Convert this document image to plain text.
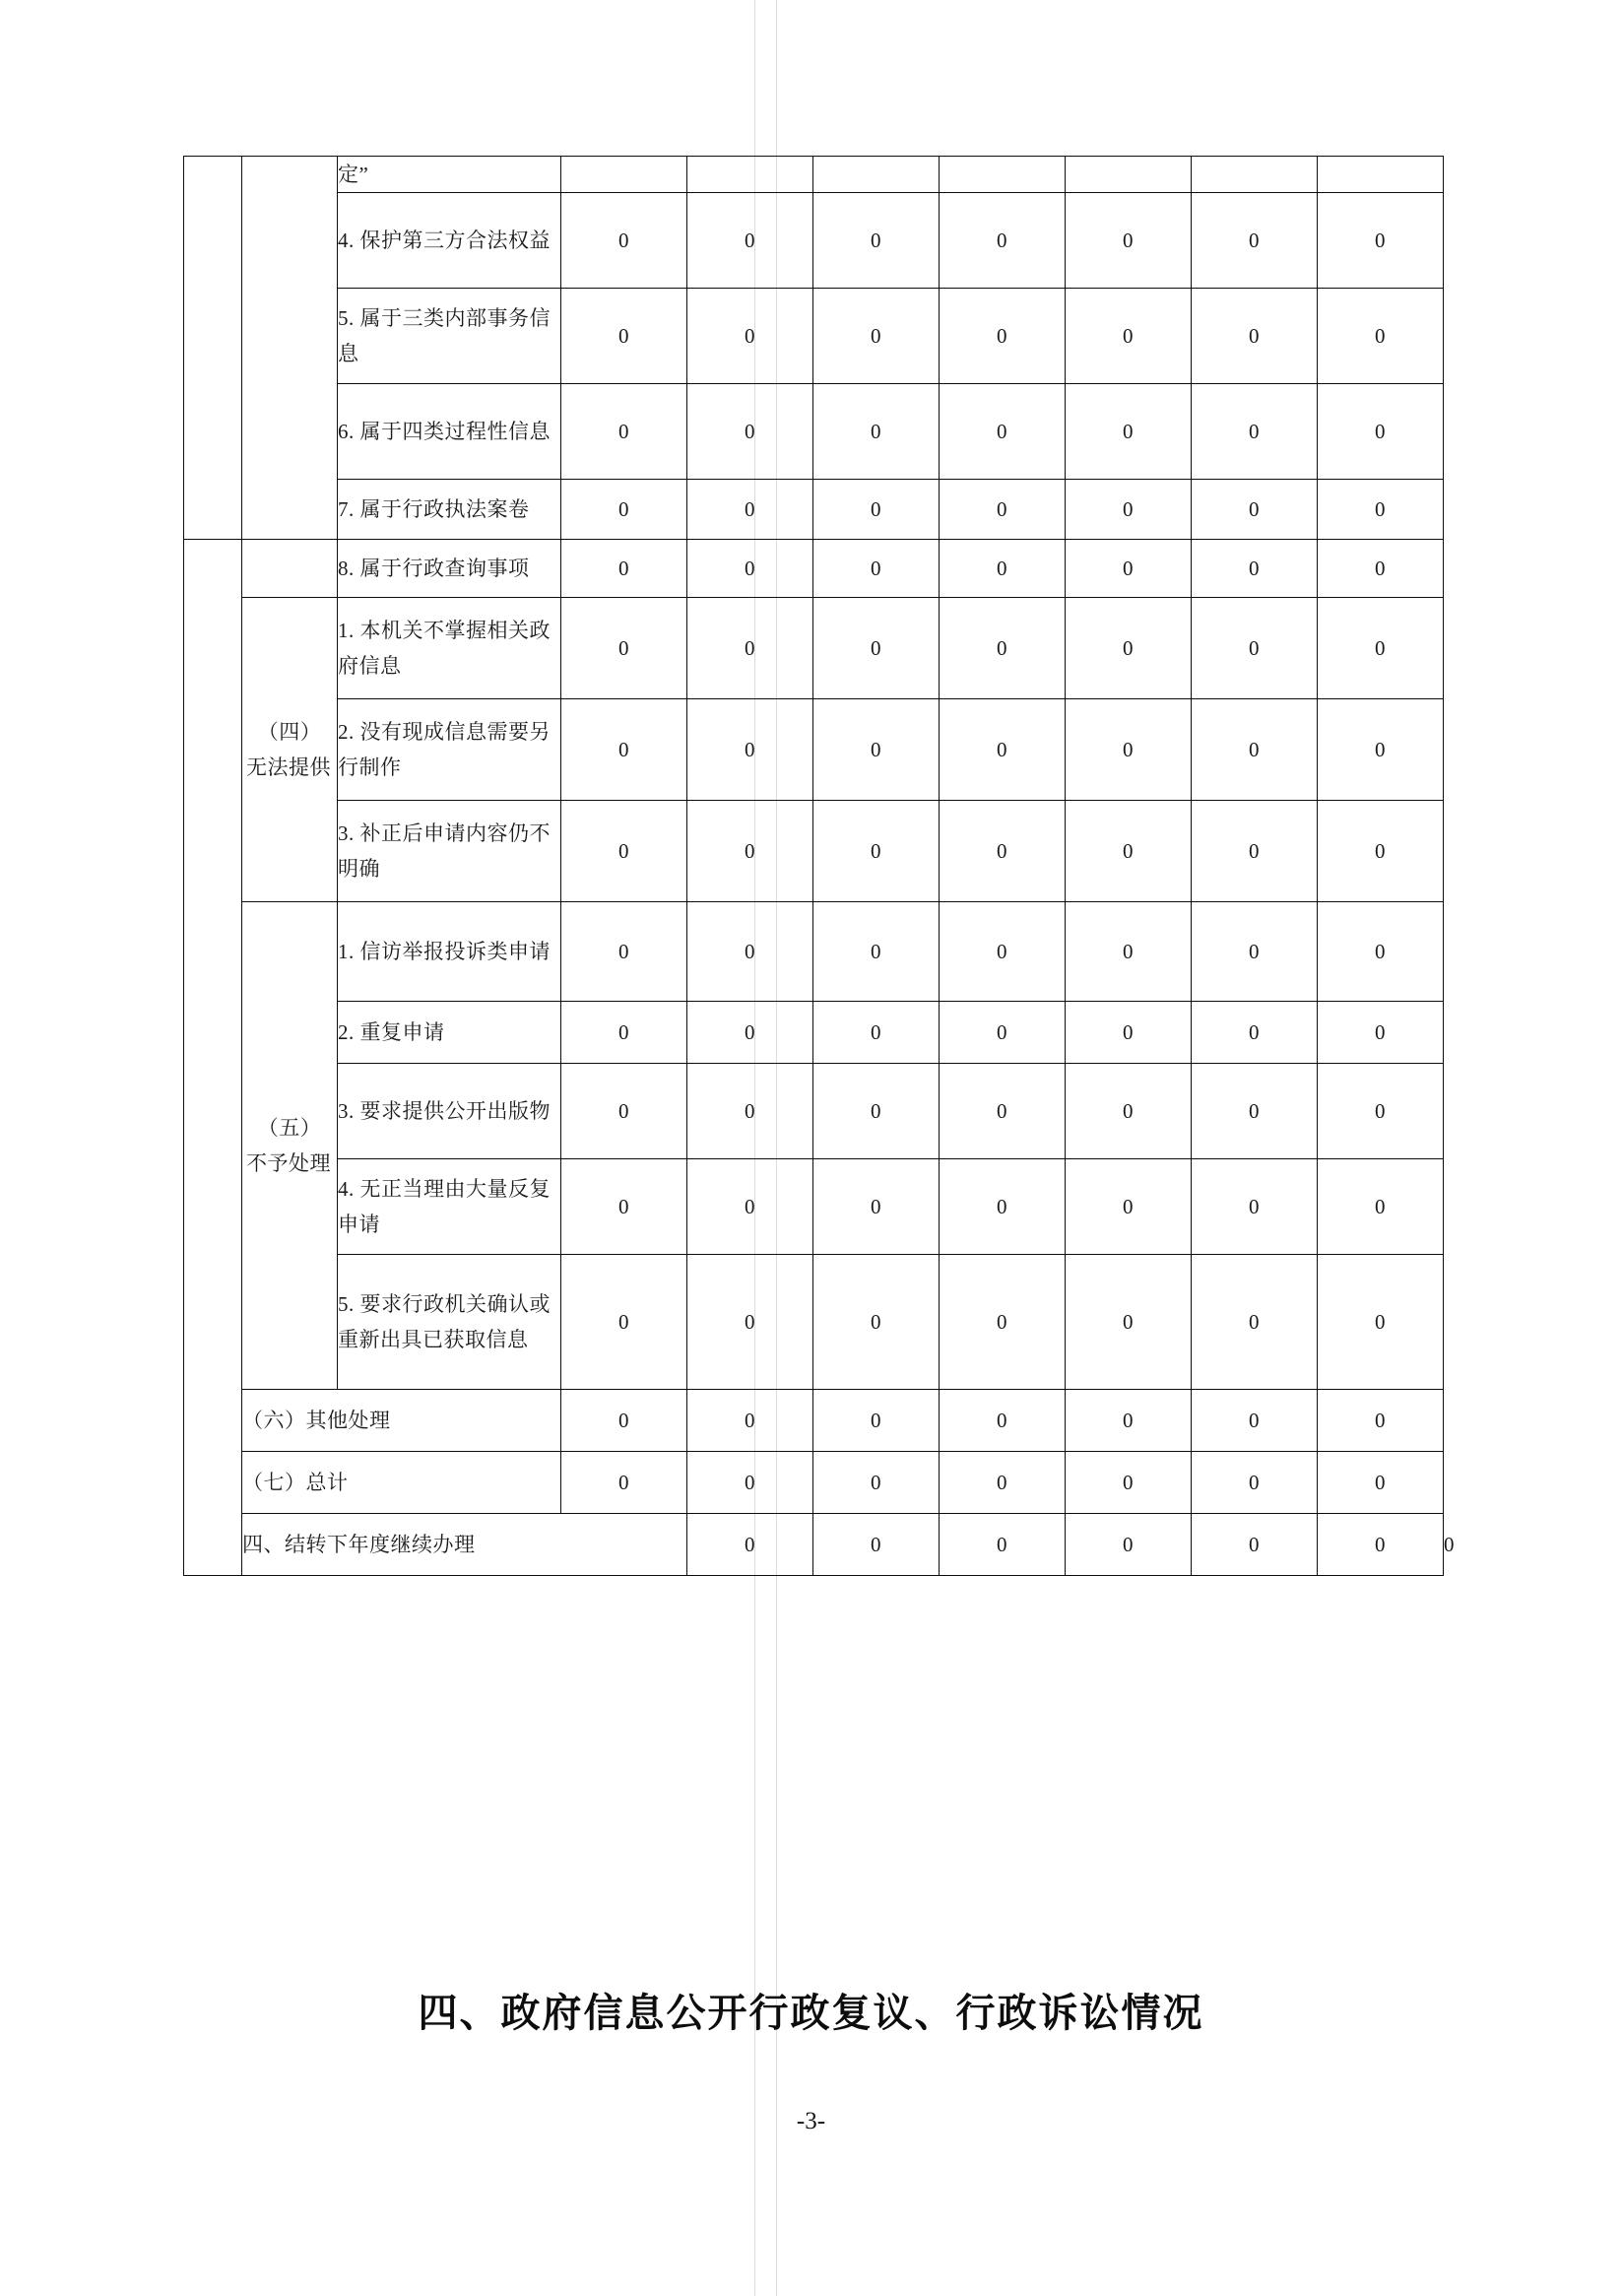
		定”								
		4. 保护第三方合法权益	0	0	0	0	0	0	0	
		5. 属于三类内部事务信息	0	0	0	0	0	0	0	
		6. 属于四类过程性信息	0	0	0	0	0	0	0	
		7. 属于行政执法案卷	0	0	0	0	0	0	0	
		8. 属于行政查询事项	0	0	0	0	0	0	0	

	（四）
无法提供	1. 本机关不掌握相关政府信息	0	0	0	0	0	0	0	
		2. 没有现成信息需要另行制作	0	0	0	0	0	0	0	
		3. 补正后申请内容仍不明确	0	0	0	0	0	0	0	

	（五）
不予处理	1. 信访举报投诉类申请	0	0	0	0	0	0	0	
		2. 重复申请	0	0	0	0	0	0	0	
		3. 要求提供公开出版物	0	0	0	0	0	0	0	
		4. 无正当理由大量反复申请	0	0	0	0	0	0	0	
		5. 要求行政机关确认或重新出具已获取信息	0	0	0	0	0	0	0	
	（六）其他处理		0	0	0	0	0	0	0	
	（七）总计		0	0	0	0	0	0	0	
	四、结转下年度继续办理			0	0	0	0	0	0	0
四、政府信息公开行政复议、行政诉讼情况
-3-
